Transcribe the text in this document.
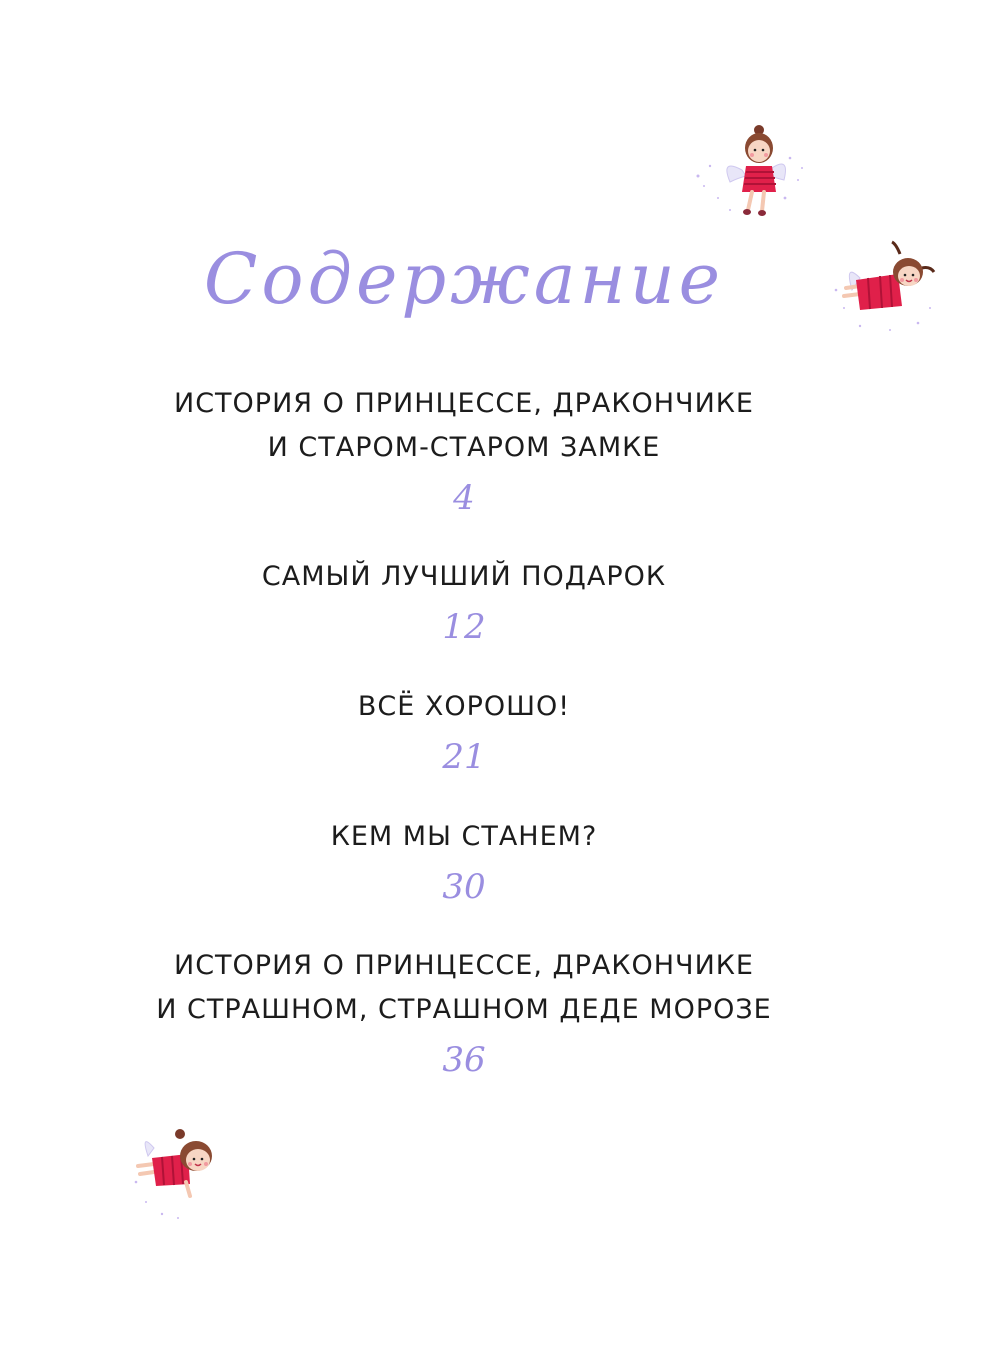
Содержание
ИСТОРИЯ О ПРИНЦЕССЕ, ДРАКОНЧИКЕ
И СТАРОМ-СТАРОМ ЗАМКЕ
4
САМЫЙ ЛУЧШИЙ ПОДАРОК
12
ВСЁ ХОРОШО!
21
КЕМ МЫ СТАНЕМ?
30
ИСТОРИЯ О ПРИНЦЕССЕ, ДРАКОНЧИКЕ
И СТРАШНОМ, СТРАШНОМ ДЕДЕ МОРОЗЕ
36
